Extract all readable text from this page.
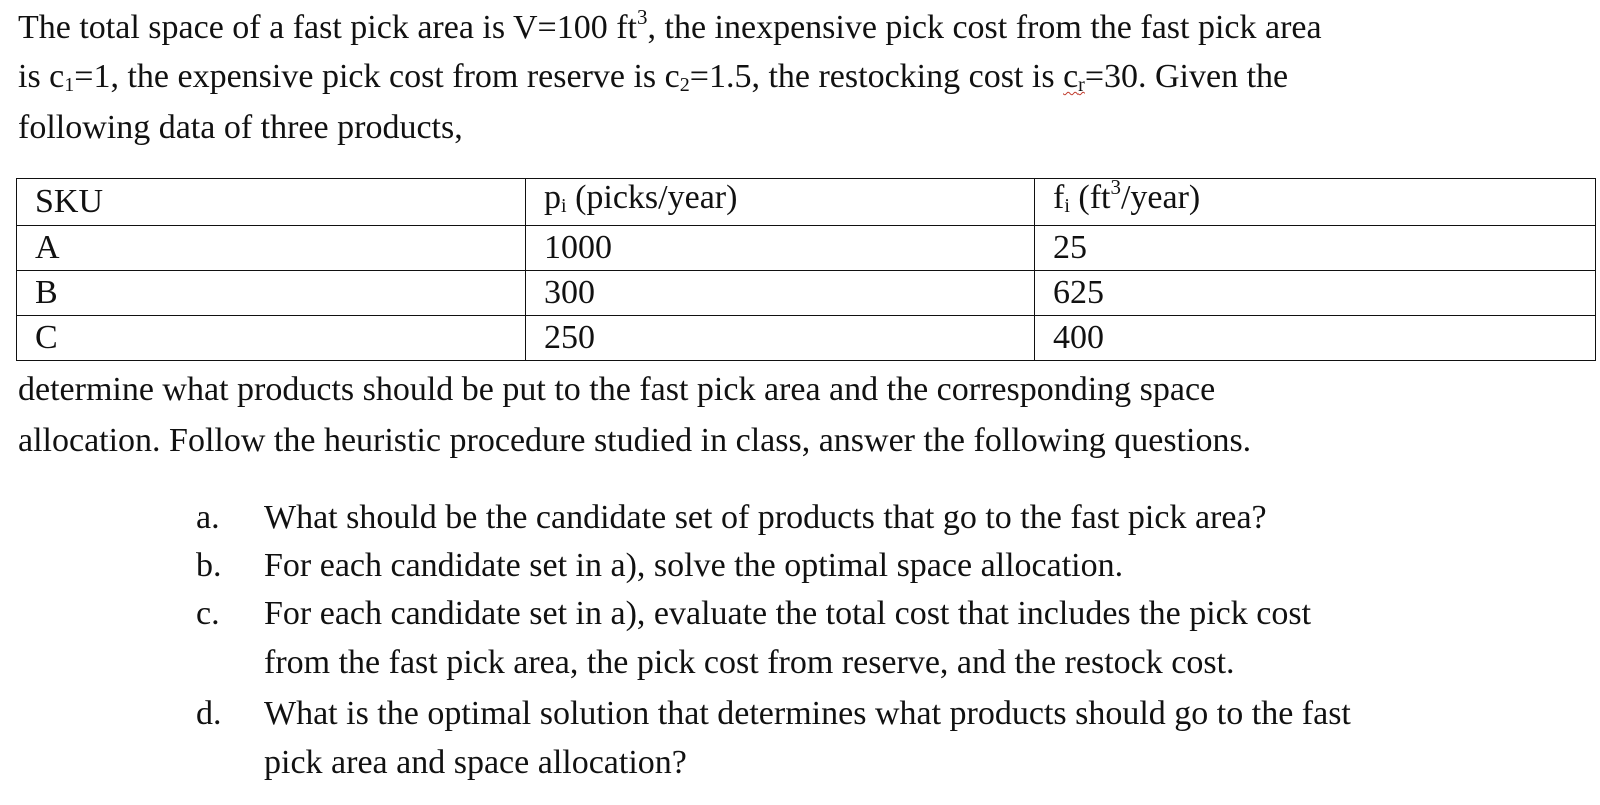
The total space of a fast pick area is V=100 $ft^3$, the inexpensive pick cost from the fast pick area
is $c_1=1$, the expensive pick cost from reserve is $c_2=1.5$, the restocking cost is $c_r=30$. Given the
following data of three products,
SKU	$p_i$ (picks/year)	$f_i$ $(ft^3/year)$
A	1000	25
B	300	625
C	250	400
determine what products should be put to the fast pick area and the corresponding space
allocation. Follow the heuristic procedure studied in class, answer the following questions.
a. What should be the candidate set of products that go to the fast pick area?
b. For each candidate set in a), solve the optimal space allocation.
c. For each candidate set in a), evaluate the total cost that includes the pick cost
from the fast pick area, the pick cost from reserve, and the restock cost.
d. What is the optimal solution that determines what products should go to the fast
pick area and space allocation?
